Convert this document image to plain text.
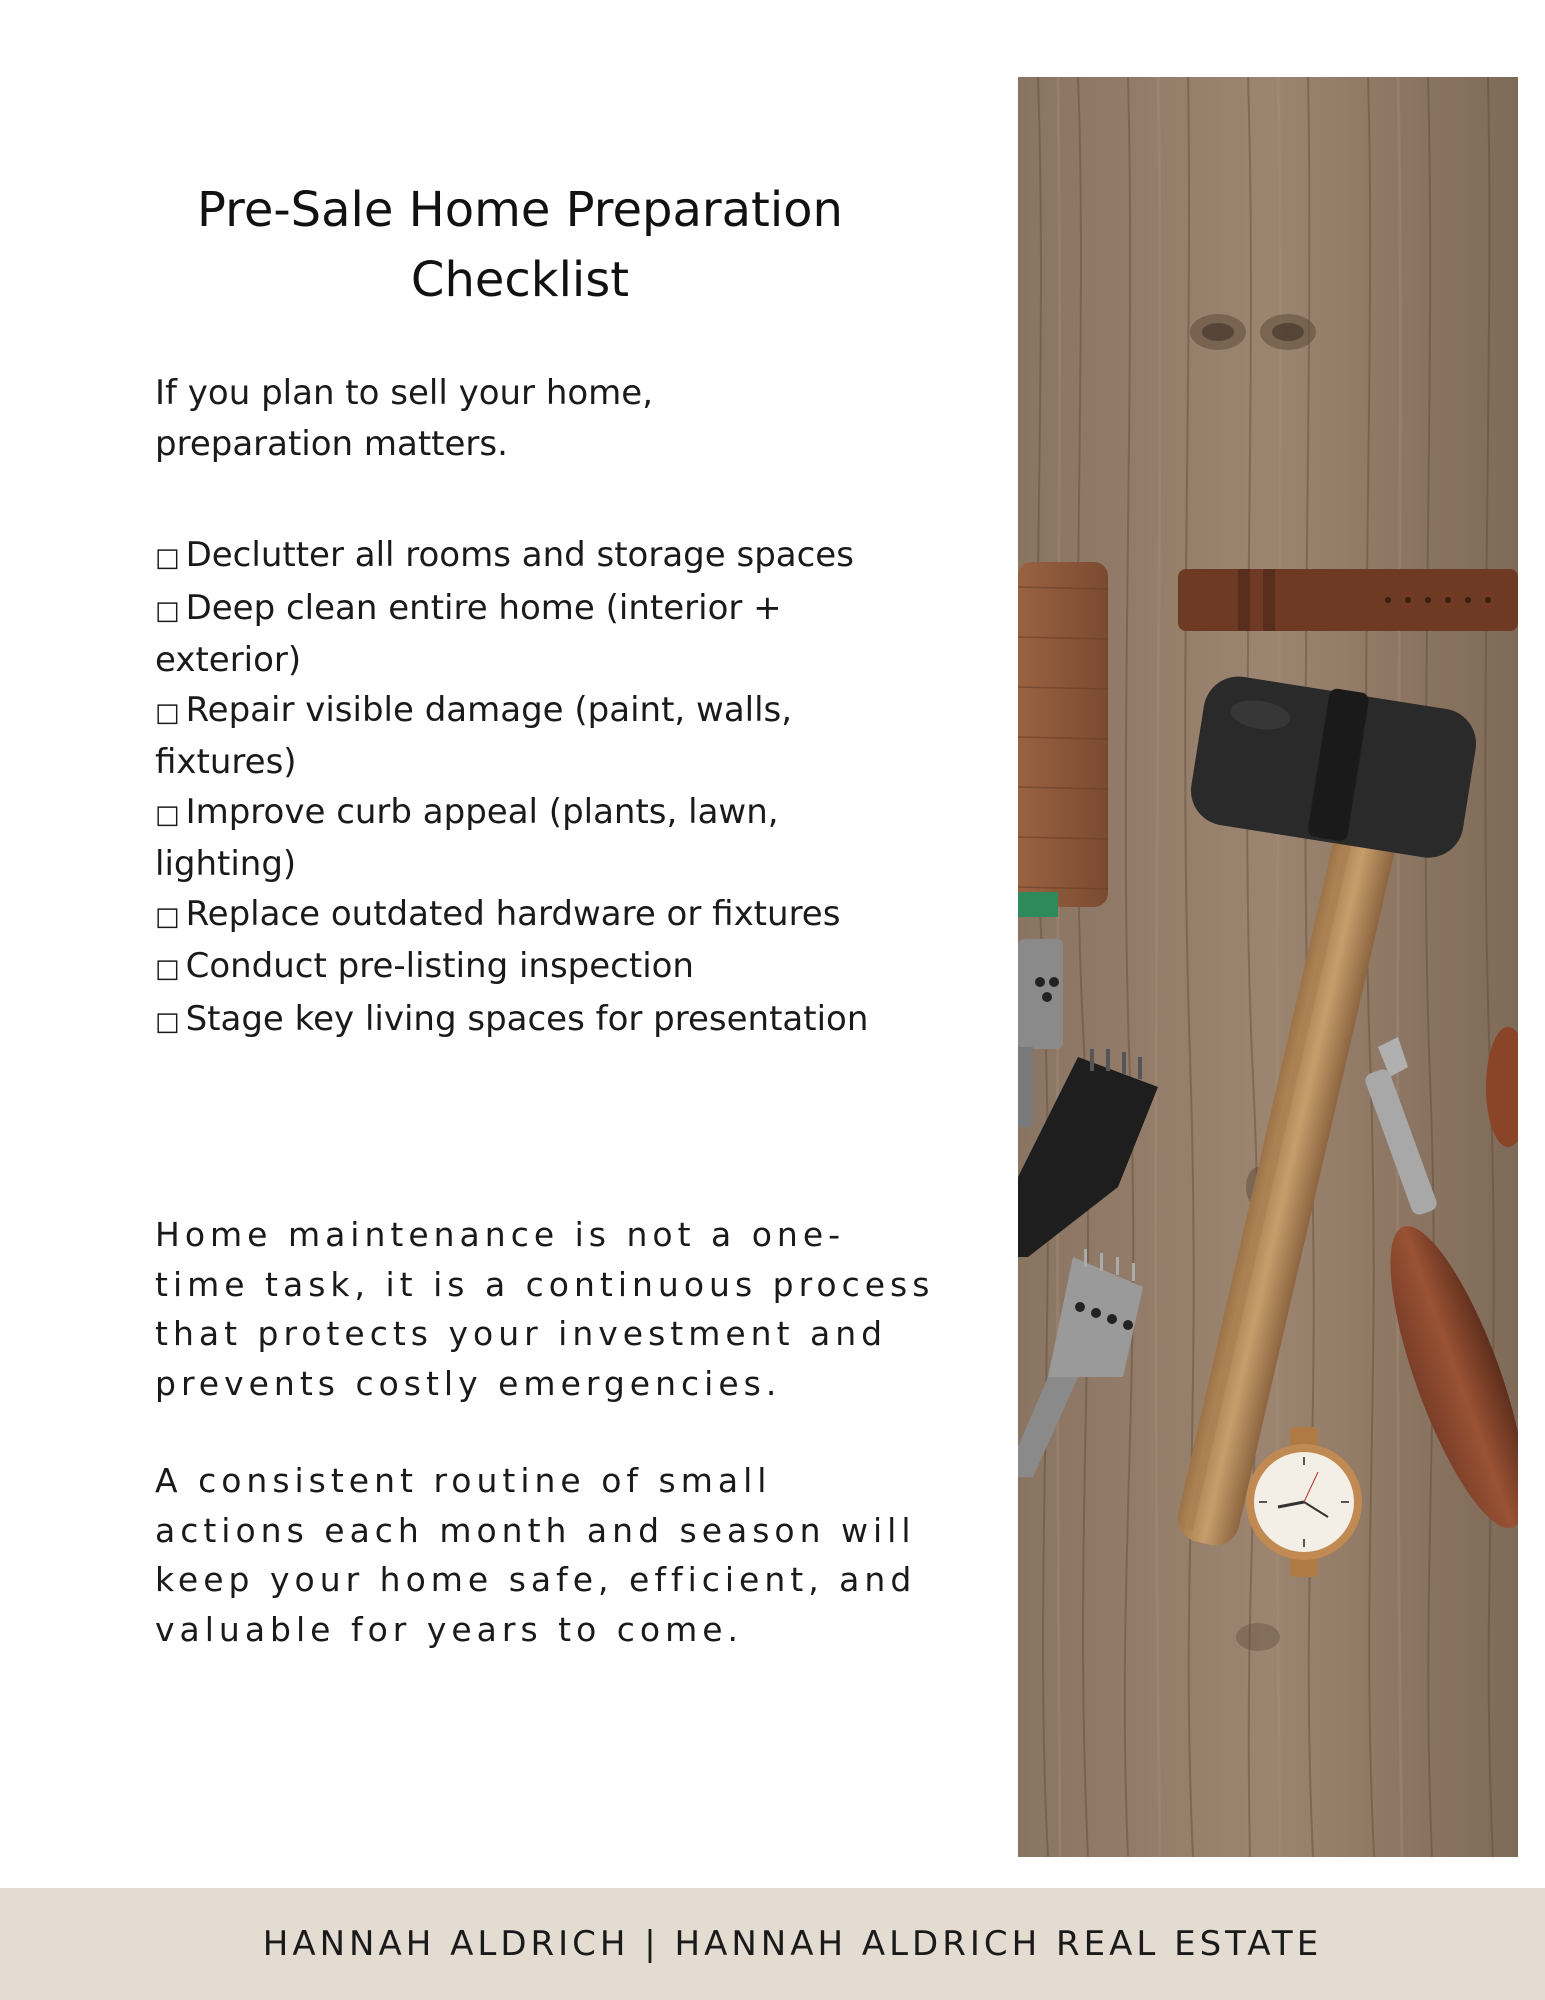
Pre-Sale Home Preparation
Checklist

If you plan to sell your home,
preparation matters.

□ Declutter all rooms and storage spaces
□ Deep clean entire home (interior +
exterior)
□ Repair visible damage (paint, walls,
fixtures)
□ Improve curb appeal (plants, lawn,
lighting)
□ Replace outdated hardware or fixtures
□ Conduct pre-listing inspection
□ Stage key living spaces for presentation

Home maintenance is not a one-
time task, it is a continuous process
that protects your investment and
prevents costly emergencies.

A consistent routine of small
actions each month and season will
keep your home safe, efficient, and
valuable for years to come.

HANNAH ALDRICH | HANNAH ALDRICH REAL ESTATE
